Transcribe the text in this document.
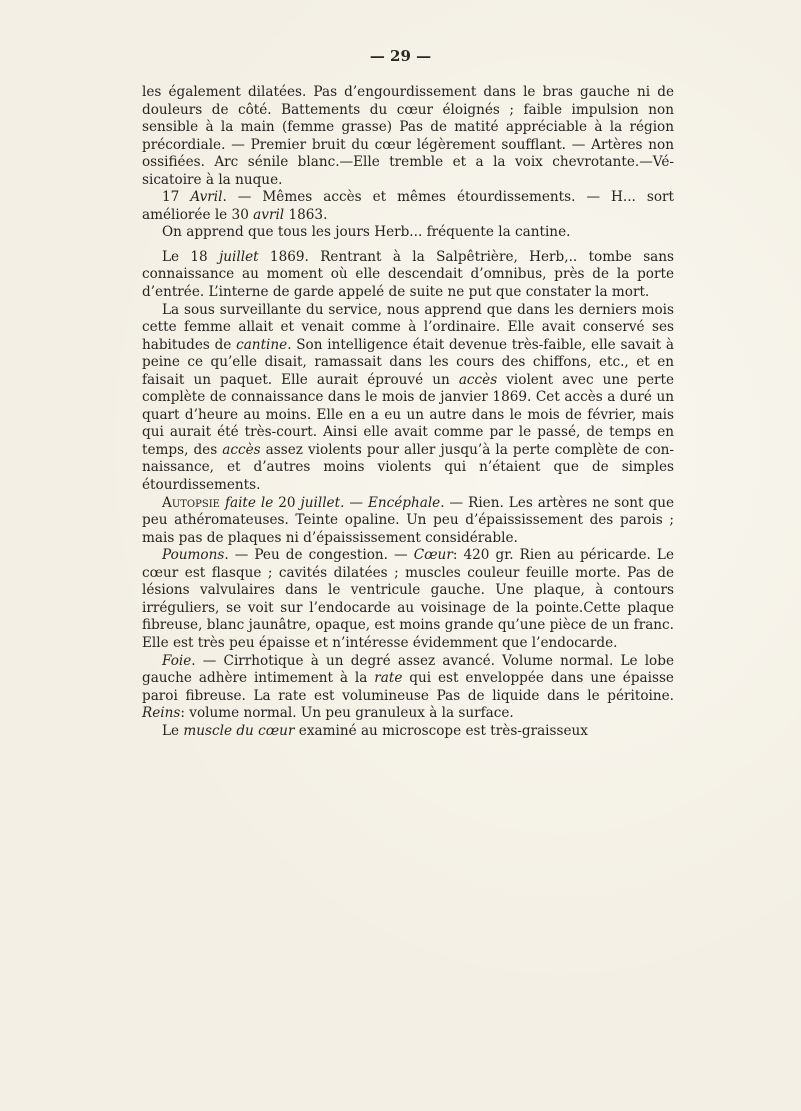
— 29 —

les également dilatées. Pas d’engourdissement dans le bras gauche ni de douleurs de côté. Battements du cœur éloignés ; faible impulsion non sensible à la main (femme grasse) Pas de matité appréciable à la région précordiale. — Premier bruit du cœur légèrement soufflant. — Artères non ossifiées. Arc sénile blanc.—Elle tremble et a la voix chevrotante.—Vésicatoire à la nuque.

17 Avril. — Mêmes accès et mêmes étourdissements. — H... sort améliorée le 30 avril 1863.

On apprend que tous les jours Herb... fréquente la cantine.

Le 18 juillet 1869. Rentrant à la Salpêtrière, Herb,.. tombe sans connaissance au moment où elle descendait d’omnibus, près de la porte d’entrée. L’interne de garde appelé de suite ne put que constater la mort.

La sous surveillante du service, nous apprend que dans les derniers mois cette femme allait et venait comme à l’ordinaire. Elle avait conservé ses habitudes de cantine. Son intelligence était devenue très-faible, elle savait à peine ce qu’elle disait, ramassait dans les cours des chiffons, etc., et en faisait un paquet. Elle aurait éprouvé un accès violent avec une perte complète de connaissance dans le mois de janvier 1869. Cet accès a duré un quart d’heure au moins. Elle en a eu un autre dans le mois de février, mais qui aurait été très-court. Ainsi elle avait comme par le passé, de temps en temps, des accès assez violents pour aller jusqu’à la perte complète de connaissance, et d’autres moins violents qui n’étaient que de simples étourdissements.

Autopsie faite le 20 juillet. — Encéphale. — Rien. Les artères ne sont que peu athéromateuses. Teinte opaline. Un peu d’épaississement des parois ; mais pas de plaques ni d’épaississement considérable.

Poumons. — Peu de congestion. — Cœur: 420 gr. Rien au péricarde. Le cœur est flasque ; cavités dilatées ; muscles couleur feuille morte. Pas de lésions valvulaires dans le ventricule gauche. Une plaque, à contours irréguliers, se voit sur l’endocarde au voisinage de la pointe.Cette plaque fibreuse, blanc jaunâtre, opaque, est moins grande qu’une pièce de un franc. Elle est très peu épaisse et n’intéresse évidemment que l’endocarde.

Foie. — Cirrhotique à un degré assez avancé. Volume normal. Le lobe gauche adhère intimement à la rate qui est enveloppée dans une épaisse paroi fibreuse. La rate est volumineuse Pas de liquide dans le péritoine. Reins: volume normal. Un peu granuleux à la surface.

Le muscle du cœur examiné au microscope est très-graisseux
